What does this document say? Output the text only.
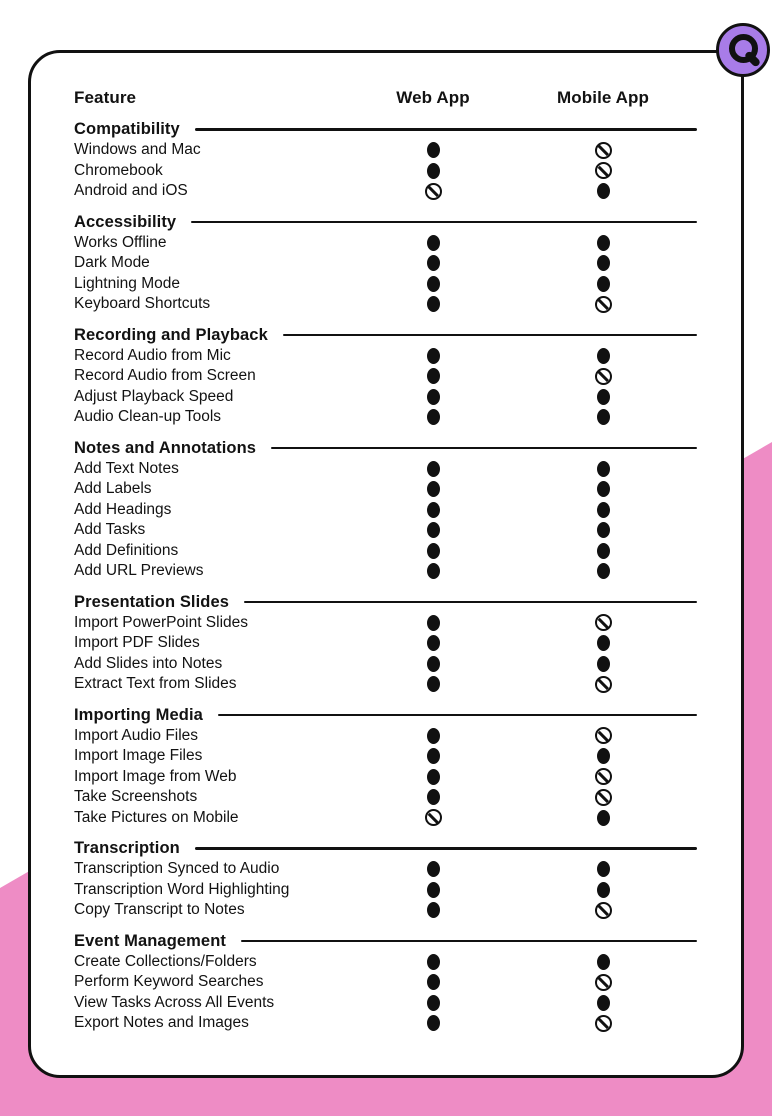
Feature	Web App	Mobile App
Compatibility
Windows and Mac
Chromebook
Android and iOS
Accessibility
Works Offline
Dark Mode
Lightning Mode
Keyboard Shortcuts
Recording and Playback
Record Audio from Mic
Record Audio from Screen
Adjust Playback Speed
Audio Clean-up Tools
Notes and Annotations
Add Text Notes
Add Labels
Add Headings
Add Tasks
Add Definitions
Add URL Previews
Presentation Slides
Import PowerPoint Slides
Import PDF Slides
Add Slides into Notes
Extract Text from Slides
Importing Media
Import Audio Files
Import Image Files
Import Image from Web
Take Screenshots
Take Pictures on Mobile
Transcription
Transcription Synced to Audio
Transcription Word Highlighting
Copy Transcript to Notes
Event Management
Create Collections/Folders
Perform Keyword Searches
View Tasks Across All Events
Export Notes and Images
